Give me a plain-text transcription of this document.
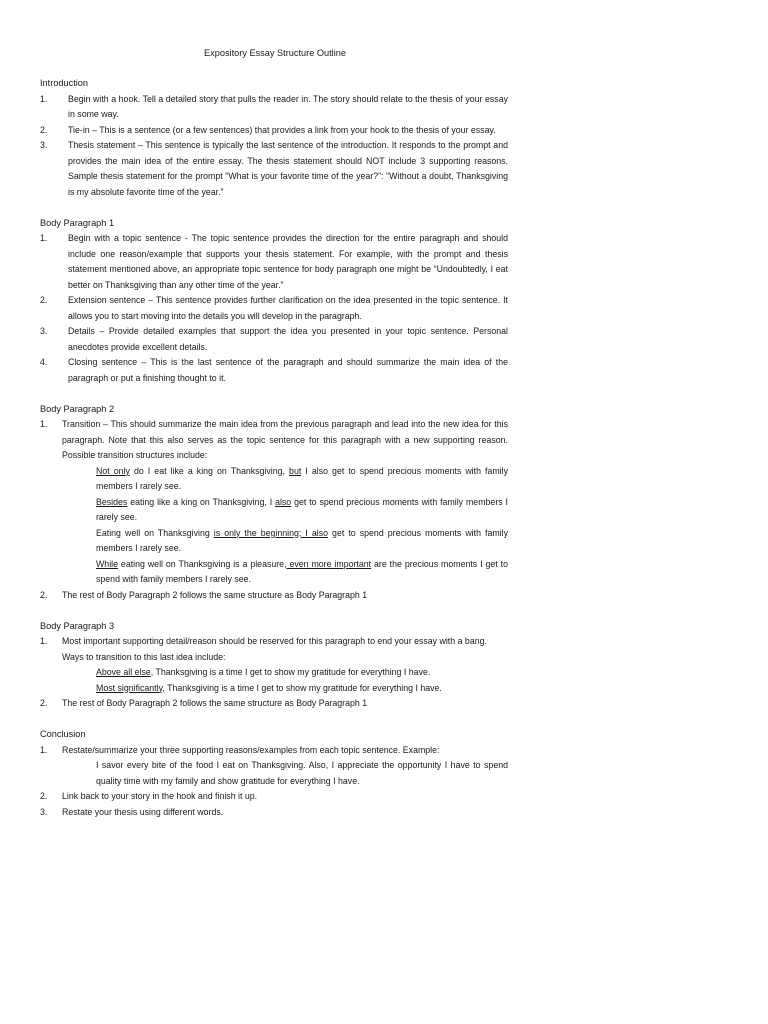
Expository Essay Structure Outline
Introduction
1. Begin with a hook. Tell a detailed story that pulls the reader in. The story should relate to the thesis of your essay in some way.
2. Tie-in – This is a sentence (or a few sentences) that provides a link from your hook to the thesis of your essay.
3. Thesis statement – This sentence is typically the last sentence of the introduction. It responds to the prompt and provides the main idea of the entire essay. The thesis statement should NOT include 3 supporting reasons. Sample thesis statement for the prompt “What is your favorite time of the year?”: “Without a doubt, Thanksgiving is my absolute favorite time of the year.”
Body Paragraph 1
1. Begin with a topic sentence - The topic sentence provides the direction for the entire paragraph and should include one reason/example that supports your thesis statement. For example, with the prompt and thesis statement mentioned above, an appropriate topic sentence for body paragraph one might be “Undoubtedly, I eat better on Thanksgiving than any other time of the year.”
2. Extension sentence – This sentence provides further clarification on the idea presented in the topic sentence. It allows you to start moving into the details you will develop in the paragraph.
3. Details – Provide detailed examples that support the idea you presented in your topic sentence. Personal anecdotes provide excellent details.
4. Closing sentence – This is the last sentence of the paragraph and should summarize the main idea of the paragraph or put a finishing thought to it.
Body Paragraph 2
1. Transition – This should summarize the main idea from the previous paragraph and lead into the new idea for this paragraph. Note that this also serves as the topic sentence for this paragraph with a new supporting reason. Possible transition structures include:
Not only do I eat like a king on Thanksgiving, but I also get to spend precious moments with family members I rarely see.
Besides eating like a king on Thanksgiving, I also get to spend precious moments with family members I rarely see.
Eating well on Thanksgiving is only the beginning; I also get to spend precious moments with family members I rarely see.
While eating well on Thanksgiving is a pleasure, even more important are the precious moments I get to spend with family members I rarely see.
2. The rest of Body Paragraph 2 follows the same structure as Body Paragraph 1
Body Paragraph 3
1. Most important supporting detail/reason should be reserved for this paragraph to end your essay with a bang.
Ways to transition to this last idea include:
Above all else, Thanksgiving is a time I get to show my gratitude for everything I have.
Most significantly, Thanksgiving is a time I get to show my gratitude for everything I have.
2. The rest of Body Paragraph 2 follows the same structure as Body Paragraph 1
Conclusion
1. Restate/summarize your three supporting reasons/examples from each topic sentence. Example:
I savor every bite of the food I eat on Thanksgiving. Also, I appreciate the opportunity I have to spend quality time with my family and show gratitude for everything I have.
2. Link back to your story in the hook and finish it up.
3. Restate your thesis using different words.
